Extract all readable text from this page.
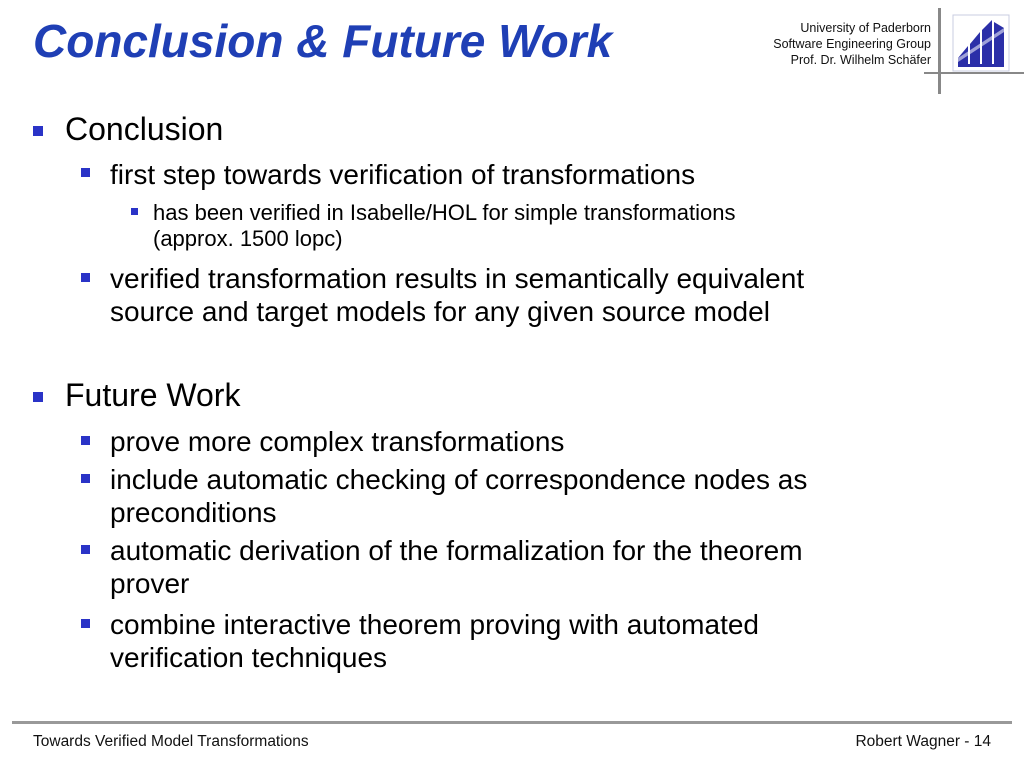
Conclusion & Future Work	University of Paderborn
Software Engineering Group
Prof. Dr. Wilhelm Schäfer
Conclusion
first step towards verification of transformations
has been verified in Isabelle/HOL for simple transformations
(approx. 1500 lopc)
verified transformation results in semantically equivalent
source and target models for any given source model
Future Work
prove more complex transformations
include automatic checking of correspondence nodes as
preconditions
automatic derivation of the formalization for the theorem
prover
combine interactive theorem proving with automated
verification techniques
Towards Verified Model Transformations	Robert Wagner - 14
